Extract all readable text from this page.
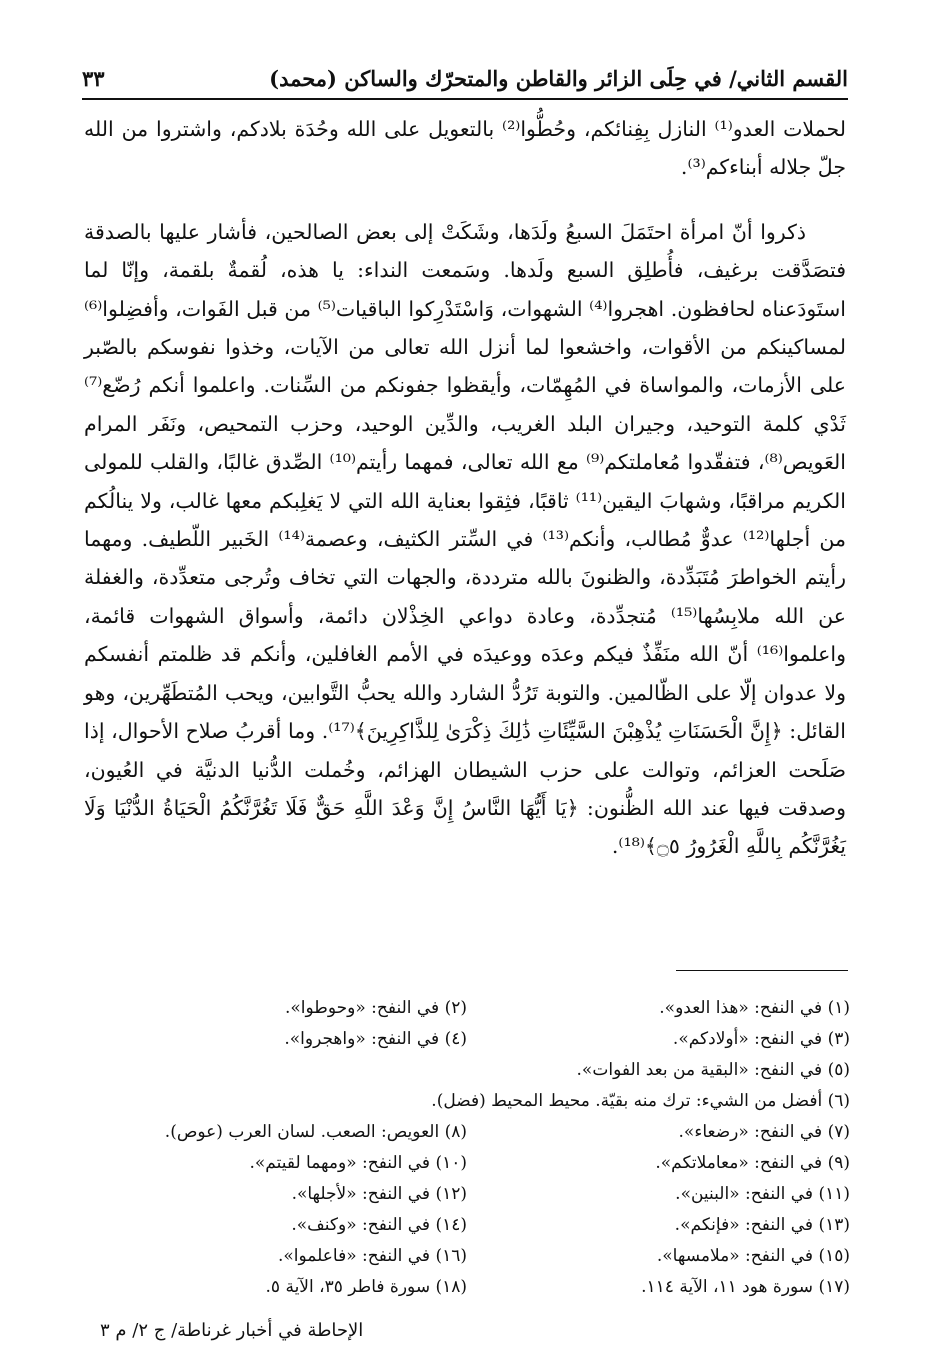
القسم الثاني/ في حِلَى الزائر والقاطن والمتحرّك والساكن (محمد)
٣٣

لحملات العدو⁽¹⁾ النازل بِفِنائكم، وحُطُّوا⁽²⁾ بالتعويل على الله وحُدَة بلادكم، واشتروا من الله جلّ جلاله أبناءكم⁽³⁾.

ذكروا أنّ امرأة احتَمَلَ السبعُ ولَدَها، وشَكَتْ إلى بعض الصالحين، فأشار عليها بالصدقة فتصَدَّقت برغيف، فأُطلِق السبع ولَدها. وسَمعت النداء: يا هذه، لُقمةٌ بلقمة، وإنّا لما استَودَعناه لحافظون. اهجروا⁽⁴⁾ الشهوات، وَاسْتَدْرِكوا الباقيات⁽⁵⁾ من قبل الفَوات، وأفضِلوا⁽⁶⁾ لمساكينكم من الأقوات، واخشعوا لما أنزل الله تعالى من الآيات، وخذوا نفوسكم بالصّبر على الأزمات، والمواساة في المُهِمّات، وأيقظوا جفونكم من السِّنات. واعلموا أنكم رُضّع⁽⁷⁾ ثَدْي كلمة التوحيد، وجيران البلد الغريب، والدِّين الوحيد، وحزب التمحيص، ونَفَر المرام العَويص⁽⁸⁾، فتفقّدوا مُعاملتكم⁽⁹⁾ مع الله تعالى، فمهما رأيتم⁽¹⁰⁾ الصِّدق غالبًا، والقلب للمولى الكريم مراقبًا، وشهابَ اليقين⁽¹¹⁾ ثاقبًا، فثِقوا بعناية الله التي لا يَغلِبكم معها غالب، ولا ينالُكم من أجلها⁽¹²⁾ عدوٌّ مُطالب، وأنكم⁽¹³⁾ في السِّتر الكثيف، وعصمة⁽¹⁴⁾ الخَبير اللّطيف. ومهما رأيتم الخواطرَ مُتَبَدِّدة، والظنونَ بالله مترددة، والجهات التي تخاف وتُرجى متعدِّدة، والغفلة عن الله ملابِسُها⁽¹⁵⁾ مُتجدِّدة، وعادة دواعي الخِذْلان دائمة، وأسواق الشهوات قائمة، واعلموا⁽¹⁶⁾ أنّ الله منَفِّذٌ فيكم وعدَه ووعيدَه في الأمم الغافلين، وأنكم قد ظلمتم أنفسكم ولا عدوان إلّا على الظّالمين. والتوبة تَرُدُّ الشارد والله يحبُّ التَّوابين، ويحب المُتطَهِّرين، وهو القائل: ﴿إِنَّ الْحَسَنَاتِ يُذْهِبْنَ السَّيِّئَاتِ ذَٰلِكَ ذِكْرَىٰ لِلذَّاكِرِينَ﴾⁽¹⁷⁾. وما أقربُ صلاح الأحوال، إذا صَلَحت العزائم، وتوالت على حزب الشيطان الهزائم، وخُملت الدُّنيا الدنيَّة في العُيون، وصدقت فيها عند الله الظُّنون: ﴿يَا أَيُّهَا النَّاسُ إِنَّ وَعْدَ اللَّهِ حَقٌّ فَلَا تَغُرَّنَّكُمُ الْحَيَاةُ الدُّنْيَا وَلَا يَغُرَّنَّكُم بِاللَّهِ الْغَرُورُ ۝٥﴾⁽¹⁸⁾.

(١) في النفح: «هذا العدو».
(٢) في النفح: «وحوطوا».
(٣) في النفح: «أولادكم».
(٤) في النفح: «واهجروا».
(٥) في النفح: «البقية من بعد الفوات».
(٦) أفضل من الشيء: ترك منه بقيّة. محيط المحيط (فضل).
(٧) في النفح: «رضعاء».
(٨) العويص: الصعب. لسان العرب (عوص).
(٩) في النفح: «معاملاتكم».
(١٠) في النفح: «ومهما لقيتم».
(١١) في النفح: «البنين».
(١٢) في النفح: «لأجلها».
(١٣) في النفح: «فإنكم».
(١٤) في النفح: «وكنف».
(١٥) في النفح: «ملامسها».
(١٦) في النفح: «فاعلموا».
(١٧) سورة هود ١١، الآية ١١٤.
(١٨) سورة فاطر ٣٥، الآية ٥.
الإحاطة في أخبار غرناطة/ ج ٢/ م ٣
